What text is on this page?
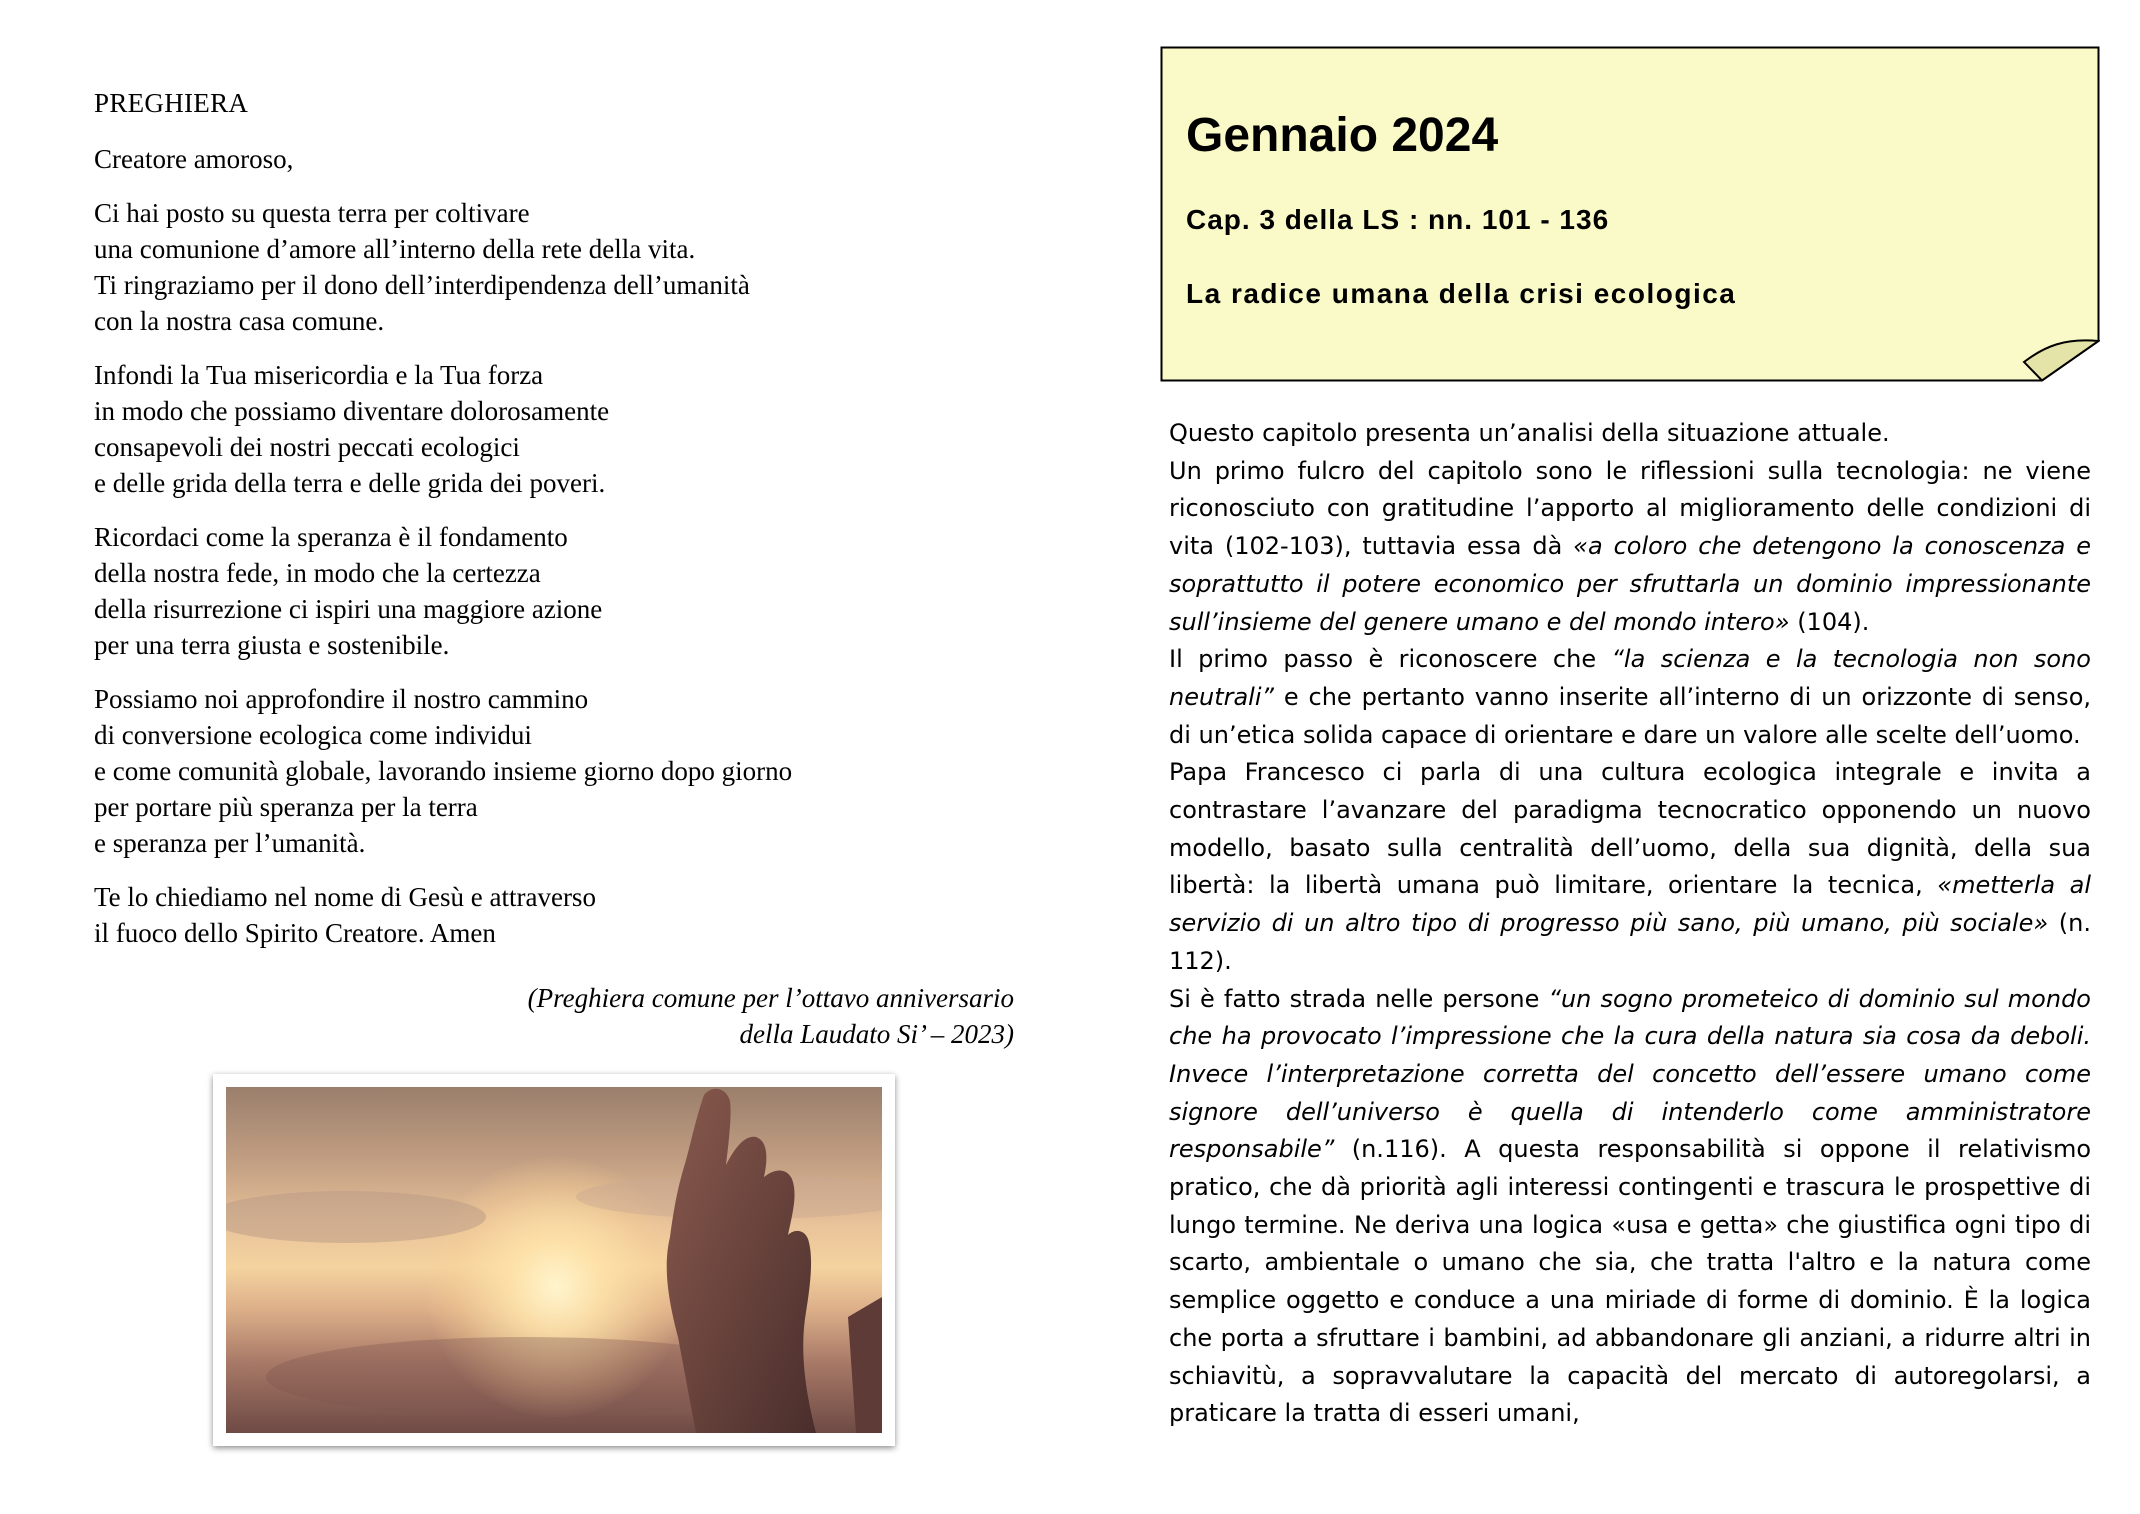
PREGHIERA

Creatore amoroso,

Ci hai posto su questa terra per coltivare
una comunione d’amore all’interno della rete della vita.
Ti ringraziamo per il dono dell’interdipendenza dell’umanità
con la nostra casa comune.
Infondi la Tua misericordia e la Tua forza
in modo che possiamo diventare dolorosamente
consapevoli dei nostri peccati ecologici
e delle grida della terra e delle grida dei poveri.
Ricordaci come la speranza è il fondamento
della nostra fede, in modo che la certezza
della risurrezione ci ispiri una maggiore azione
per una terra giusta e sostenibile.
Possiamo noi approfondire il nostro cammino
di conversione ecologica come individui
e come comunità globale, lavorando insieme giorno dopo giorno
per portare più speranza per la terra
e speranza per l’umanità.
Te lo chiediamo nel nome di Gesù e attraverso
il fuoco dello Spirito Creatore. Amen
(Preghiera comune per l’ottavo anniversario
della Laudato Si’ – 2023)
Gennaio 2024

Cap. 3 della LS : nn. 101 - 136

La radice umana della crisi ecologica

Questo capitolo presenta un’analisi della situazione attuale.

Un primo fulcro del capitolo sono le riflessioni sulla tecnologia: ne viene riconosciuto con gratitudine l’apporto al miglioramento delle condizioni di vita (102-103), tuttavia essa dà «a coloro che detengono la conoscenza e soprattutto il potere economico per sfruttarla un dominio impressionante sull’insieme del genere umano e del mondo intero» (104).

Il primo passo è riconoscere che “la scienza e la tecnologia non sono neutrali” e che pertanto vanno inserite all’interno di un orizzonte di senso, di un’etica solida capace di orientare e dare un valore alle scelte dell’uomo.

Papa Francesco ci parla di una cultura ecologica integrale e invita a contrastare l’avanzare del paradigma tecnocratico opponendo un nuovo modello, basato sulla centralità dell’uomo, della sua dignità, della sua libertà: la libertà umana può limitare, orientare la tecnica, «metterla al servizio di un altro tipo di progresso più sano, più umano, più sociale» (n. 112).

Si è fatto strada nelle persone “un sogno prometeico di dominio sul mondo che ha provocato l’impressione che la cura della natura sia cosa da deboli. Invece l’interpretazione corretta del concetto dell’essere umano come signore dell’universo è quella di intenderlo come amministratore responsabile” (n.116). A questa responsabilità si oppone il relativismo pratico, che dà priorità agli interessi contingenti e trascura le prospettive di lungo termine. Ne deriva una logica «usa e getta» che giustifica ogni tipo di scarto, ambientale o umano che sia, che tratta l'altro e la natura come semplice oggetto e conduce a una miriade di forme di dominio. È la logica che porta a sfruttare i bambini, ad abbandonare gli anziani, a ridurre altri in schiavitù, a sopravvalutare la capacità del mercato di autoregolarsi, a praticare la tratta di esseri umani,
